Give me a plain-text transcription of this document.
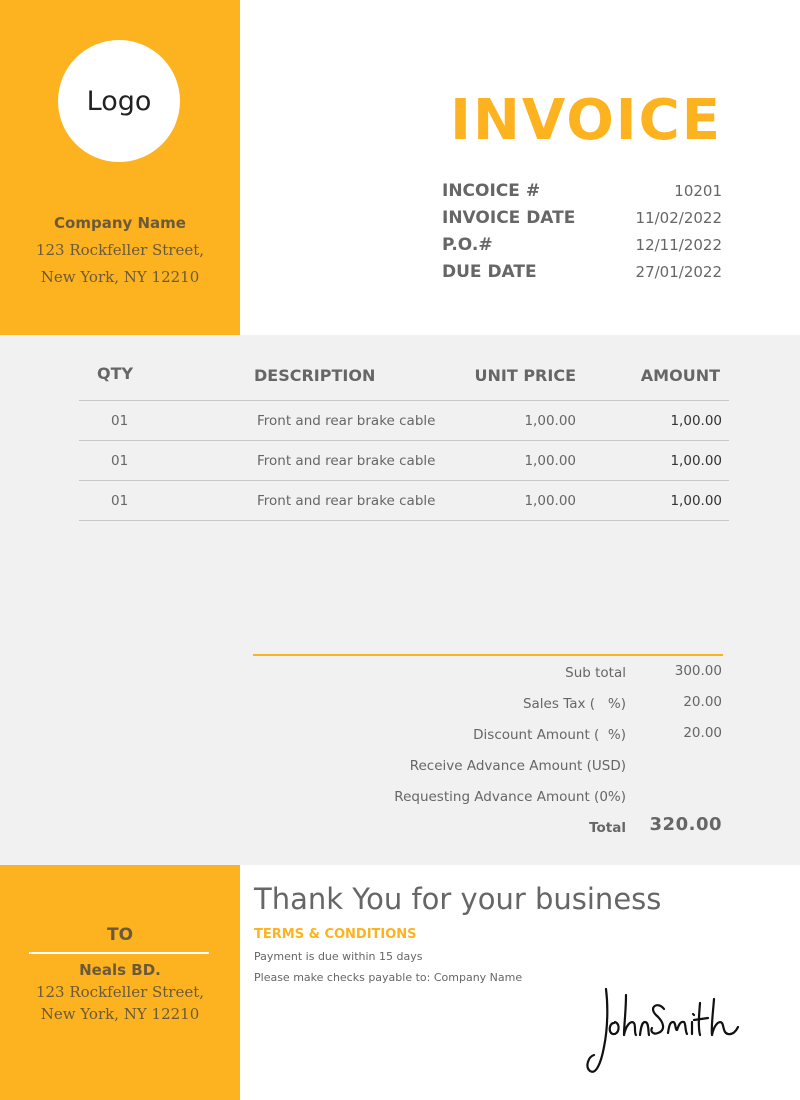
Logo
Company Name
123 Rockfeller Street,
New York, NY 12210
INVOICE
INCOICE #	10201
INVOICE DATE	11/02/2022
P.O.#	12/11/2022
DUE DATE	27/01/2022
QTY	DESCRIPTION	UNIT PRICE	AMOUNT
01	Front and rear brake cable	1,00.00	1,00.00
01	Front and rear brake cable	1,00.00	1,00.00
01	Front and rear brake cable	1,00.00	1,00.00
Sub total	300.00
Sales Tax (   %)	20.00
Discount Amount (  %)	20.00
Receive Advance Amount (USD)
Requesting Advance Amount (0%)
Total 320.00
TO
Neals BD.
123 Rockfeller Street,
New York, NY 12210
Thank You for your business
TERMS & CONDITIONS
Payment is due within 15 days
Please make checks payable to: Company Name
